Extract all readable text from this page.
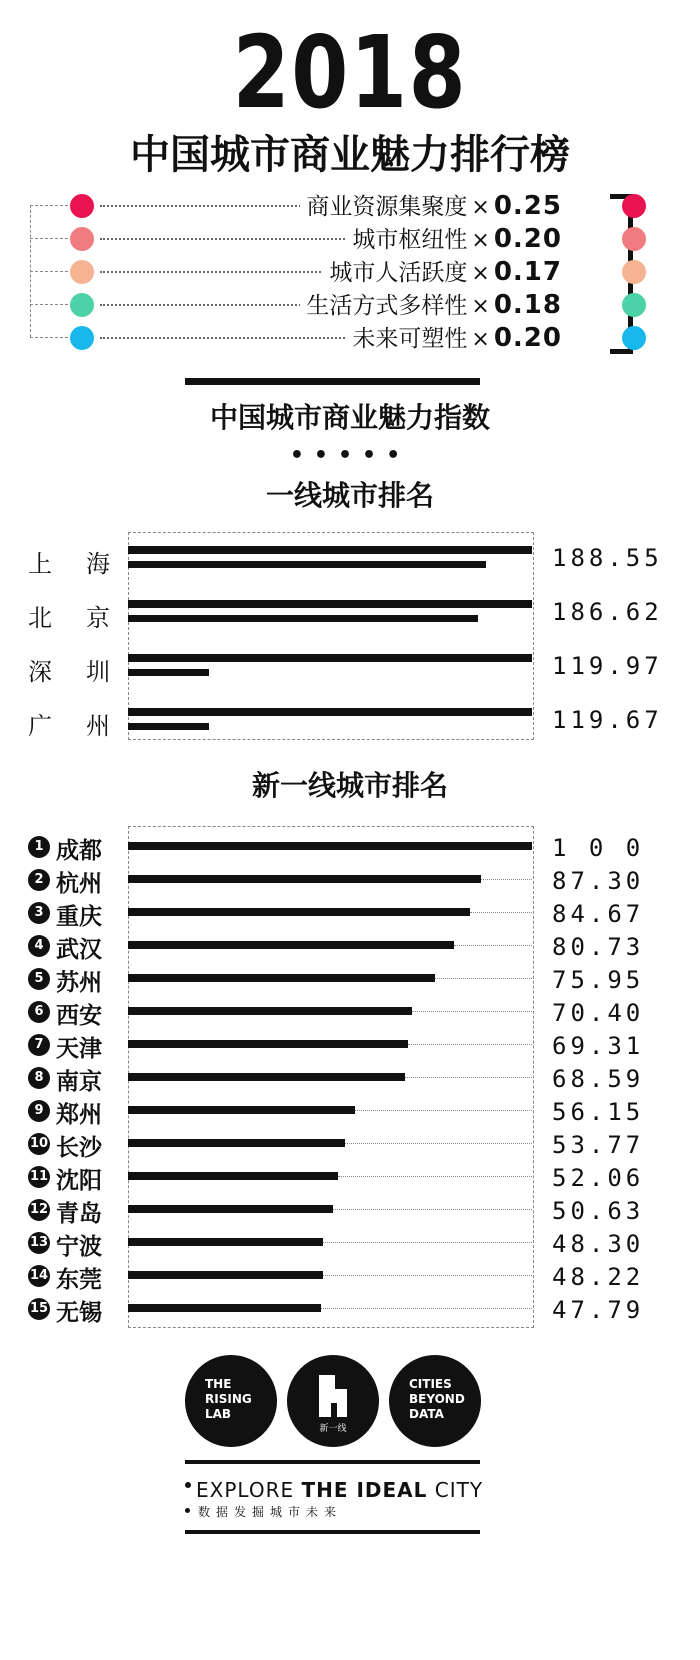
2018
中国城市商业魅力排行榜
中国城市商业魅力指数
•••••
一线城市排名
新一线城市排名
THE
RISING
LAB
新一线
CITIES
BEYOND
DATA
EXPLORE THE IDEAL CITY
数据发掘城市未来
商业资源集聚度 × 0.25
城市枢纽性 × 0.20
城市人活跃度 × 0.17
生活方式多样性 × 0.18
未来可塑性 × 0.20
上 海	188.55
北 京	186.62
深 圳	119.97
广 州	119.67
1 成都	1 0 0
2 杭州	87.30
3 重庆	84.67
4 武汉	80.73
5 苏州	75.95
6 西安	70.40
7 天津	69.31
8 南京	68.59
9 郑州	56.15
10 长沙	53.77
11 沈阳	52.06
12 青岛	50.63
13 宁波	48.30
14 东莞	48.22
15 无锡	47.79
